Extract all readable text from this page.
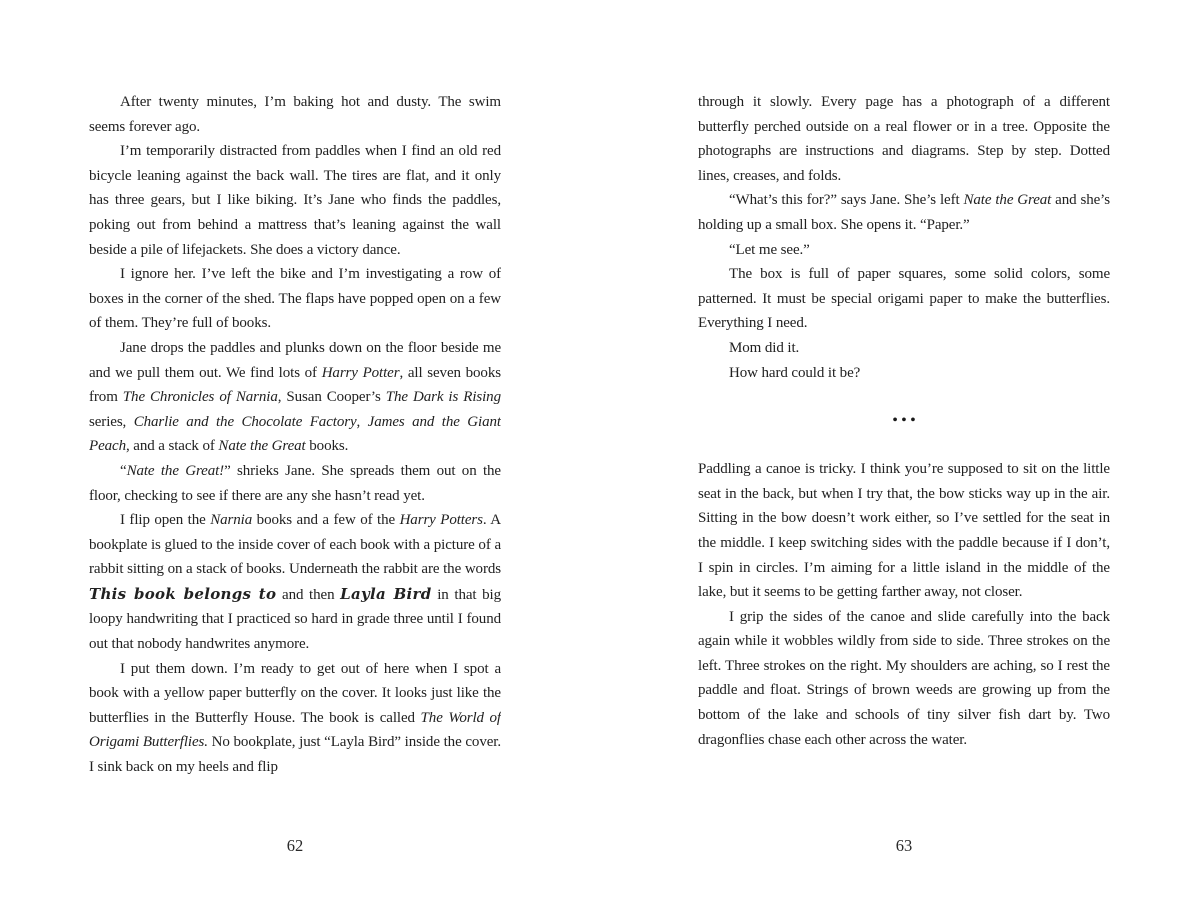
After twenty minutes, I’m baking hot and dusty. The swim seems forever ago.

I’m temporarily distracted from paddles when I find an old red bicycle leaning against the back wall. The tires are flat, and it only has three gears, but I like biking. It’s Jane who finds the paddles, poking out from behind a mattress that’s leaning against the wall beside a pile of lifejackets. She does a victory dance.

I ignore her. I’ve left the bike and I’m investigating a row of boxes in the corner of the shed. The flaps have popped open on a few of them. They’re full of books.

Jane drops the paddles and plunks down on the floor beside me and we pull them out. We find lots of Harry Potter, all seven books from The Chronicles of Narnia, Susan Cooper’s The Dark is Rising series, Charlie and the Chocolate Factory, James and the Giant Peach, and a stack of Nate the Great books.

“Nate the Great!” shrieks Jane. She spreads them out on the floor, checking to see if there are any she hasn’t read yet.

I flip open the Narnia books and a few of the Harry Potters. A bookplate is glued to the inside cover of each book with a picture of a rabbit sitting on a stack of books. Underneath the rabbit are the words This book belongs to and then Layla Bird in that big loopy handwriting that I practiced so hard in grade three until I found out that nobody handwrites anymore.

I put them down. I’m ready to get out of here when I spot a book with a yellow paper butterfly on the cover. It looks just like the butterflies in the Butterfly House. The book is called The World of Origami Butterflies. No bookplate, just “Layla Bird” inside the cover. I sink back on my heels and flip

62

through it slowly. Every page has a photograph of a different butterfly perched outside on a real flower or in a tree. Opposite the photographs are instructions and diagrams. Step by step. Dotted lines, creases, and folds.

“What’s this for?” says Jane. She’s left Nate the Great and she’s holding up a small box. She opens it. “Paper.”

“Let me see.”

The box is full of paper squares, some solid colors, some patterned. It must be special origami paper to make the butterflies. Everything I need.

Mom did it.

How hard could it be?

•••

Paddling a canoe is tricky. I think you’re supposed to sit on the little seat in the back, but when I try that, the bow sticks way up in the air. Sitting in the bow doesn’t work either, so I’ve settled for the seat in the middle. I keep switching sides with the paddle because if I don’t, I spin in circles. I’m aiming for a little island in the middle of the lake, but it seems to be getting farther away, not closer.

I grip the sides of the canoe and slide carefully into the back again while it wobbles wildly from side to side. Three strokes on the left. Three strokes on the right. My shoulders are aching, so I rest the paddle and float. Strings of brown weeds are growing up from the bottom of the lake and schools of tiny silver fish dart by. Two dragonflies chase each other across the water.

63
